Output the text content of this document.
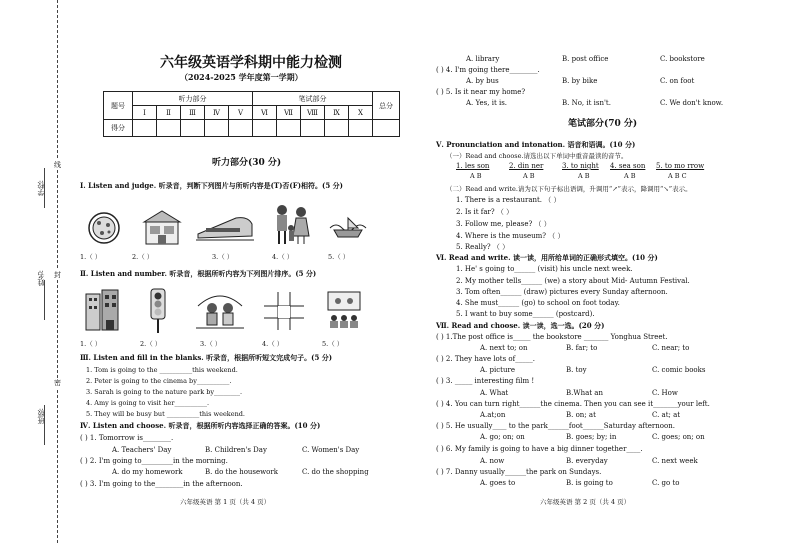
学校:
姓名:
班级:
线
封
密
六年级英语学科期中能力检测
（2024-2025 学年度第一学期）
题号	听力部分					笔试部分					总分
	Ⅰ	Ⅱ	Ⅲ	Ⅳ	Ⅴ	Ⅵ	Ⅶ	Ⅷ	Ⅸ	Ⅹ	
得分											
听力部分(30 分)
Ⅰ. Listen and judge. 听录音，判断下列图片与所听内容是(T)否(F)相符。(5 分)
1.（ ）	2.（ ）	3.（ ）	4.（ ）	5.（ ）
Ⅱ. Listen and number. 听录音，根据所听内容为下列图片排序。(5 分)
1.（ ）	2.（ ）	3.（ ）	4.（ ）	5.（ ）
Ⅲ. Listen and fill in the blanks. 听录音，根据所听短文完成句子。(5 分)
1. Tom is going to the __________this weekend.
2. Peter is going to the cinema by__________.
3. Sarah is going to the nature park by________.
4. Amy is going to visit her__________.
5. They will be busy but __________this weekend.
Ⅳ. Listen and choose. 听录音，根据所听内容选择正确的答案。(10 分)
( ) 1. Tomorrow is________.
A. Teachers' Day	B. Children's Day	C. Women's Day
( ) 2. I'm going to_________in the morning.
A. do my homework	B. do the housework	C. do the shopping
( ) 3. I'm going to the________in the afternoon.
六年级英语 第 1 页（共 4 页）
A. library	B. post office	C. bookstore
( ) 4. I'm going there________.
A. by bus	B. by bike	C. on foot
( ) 5. Is it near my home?
A. Yes, it is.	B. No, it isn't.	C. We don't know.
笔试部分(70 分)
Ⅴ. Pronunciation and intonation. 语音和语调。(10 分)
（一）Read and choose.请选出以下单词中重音最读的音节。
1. les son	2. din ner	3. to night 4. sea son 5. to mo rrow
A B	A B	A B	A B	A B C
（二）Read and write.请为以下句子标出语调，升调用“↗”表示，降调用“↘”表示。
1. There is a restaurant. （ ）
2. Is it far? （ ）
3. Follow me, please? （ ）
4. Where is the museum? （ ）
5. Really? （ ）
Ⅵ. Read and write. 读一读，用所给单词的正确形式填空。(10 分)
1. He' s going to______ (visit) his uncle next week.
2. My mother tells______ (we) a story about Mid- Autumn Festival.
3. Tom often______ (draw) pictures every Sunday afternoon.
4. She must______ (go) to school on foot today.
5. I want to buy some______ (postcard).
Ⅶ. Read and choose. 读一读，选一选。(20 分)
( ) 1.The post office is_____ the bookstore _______ Yonghua Street.
A. next to; on	B. far; to	C. near; to
( ) 2. They have lots of_____.
A. picture	B. toy	C. comic books
( ) 3. _____ interesting film !
A. What	B.What an	C. How
( ) 4. You can turn right______the cinema. Then you can see it_______your left.
A.at;on	B. on; at	C. at; at
( ) 5. He usually____ to the park______foot______Saturday afternoon.
A. go; on; on	B. goes; by; in	C. goes; on; on
( ) 6. My family is going to have a big dinner together____.
A. now	B. everyday	C. next week
( ) 7. Danny usually______the park on Sundays.
A. goes to	B. is going to	C. go to
六年级英语 第 2 页（共 4 页）
